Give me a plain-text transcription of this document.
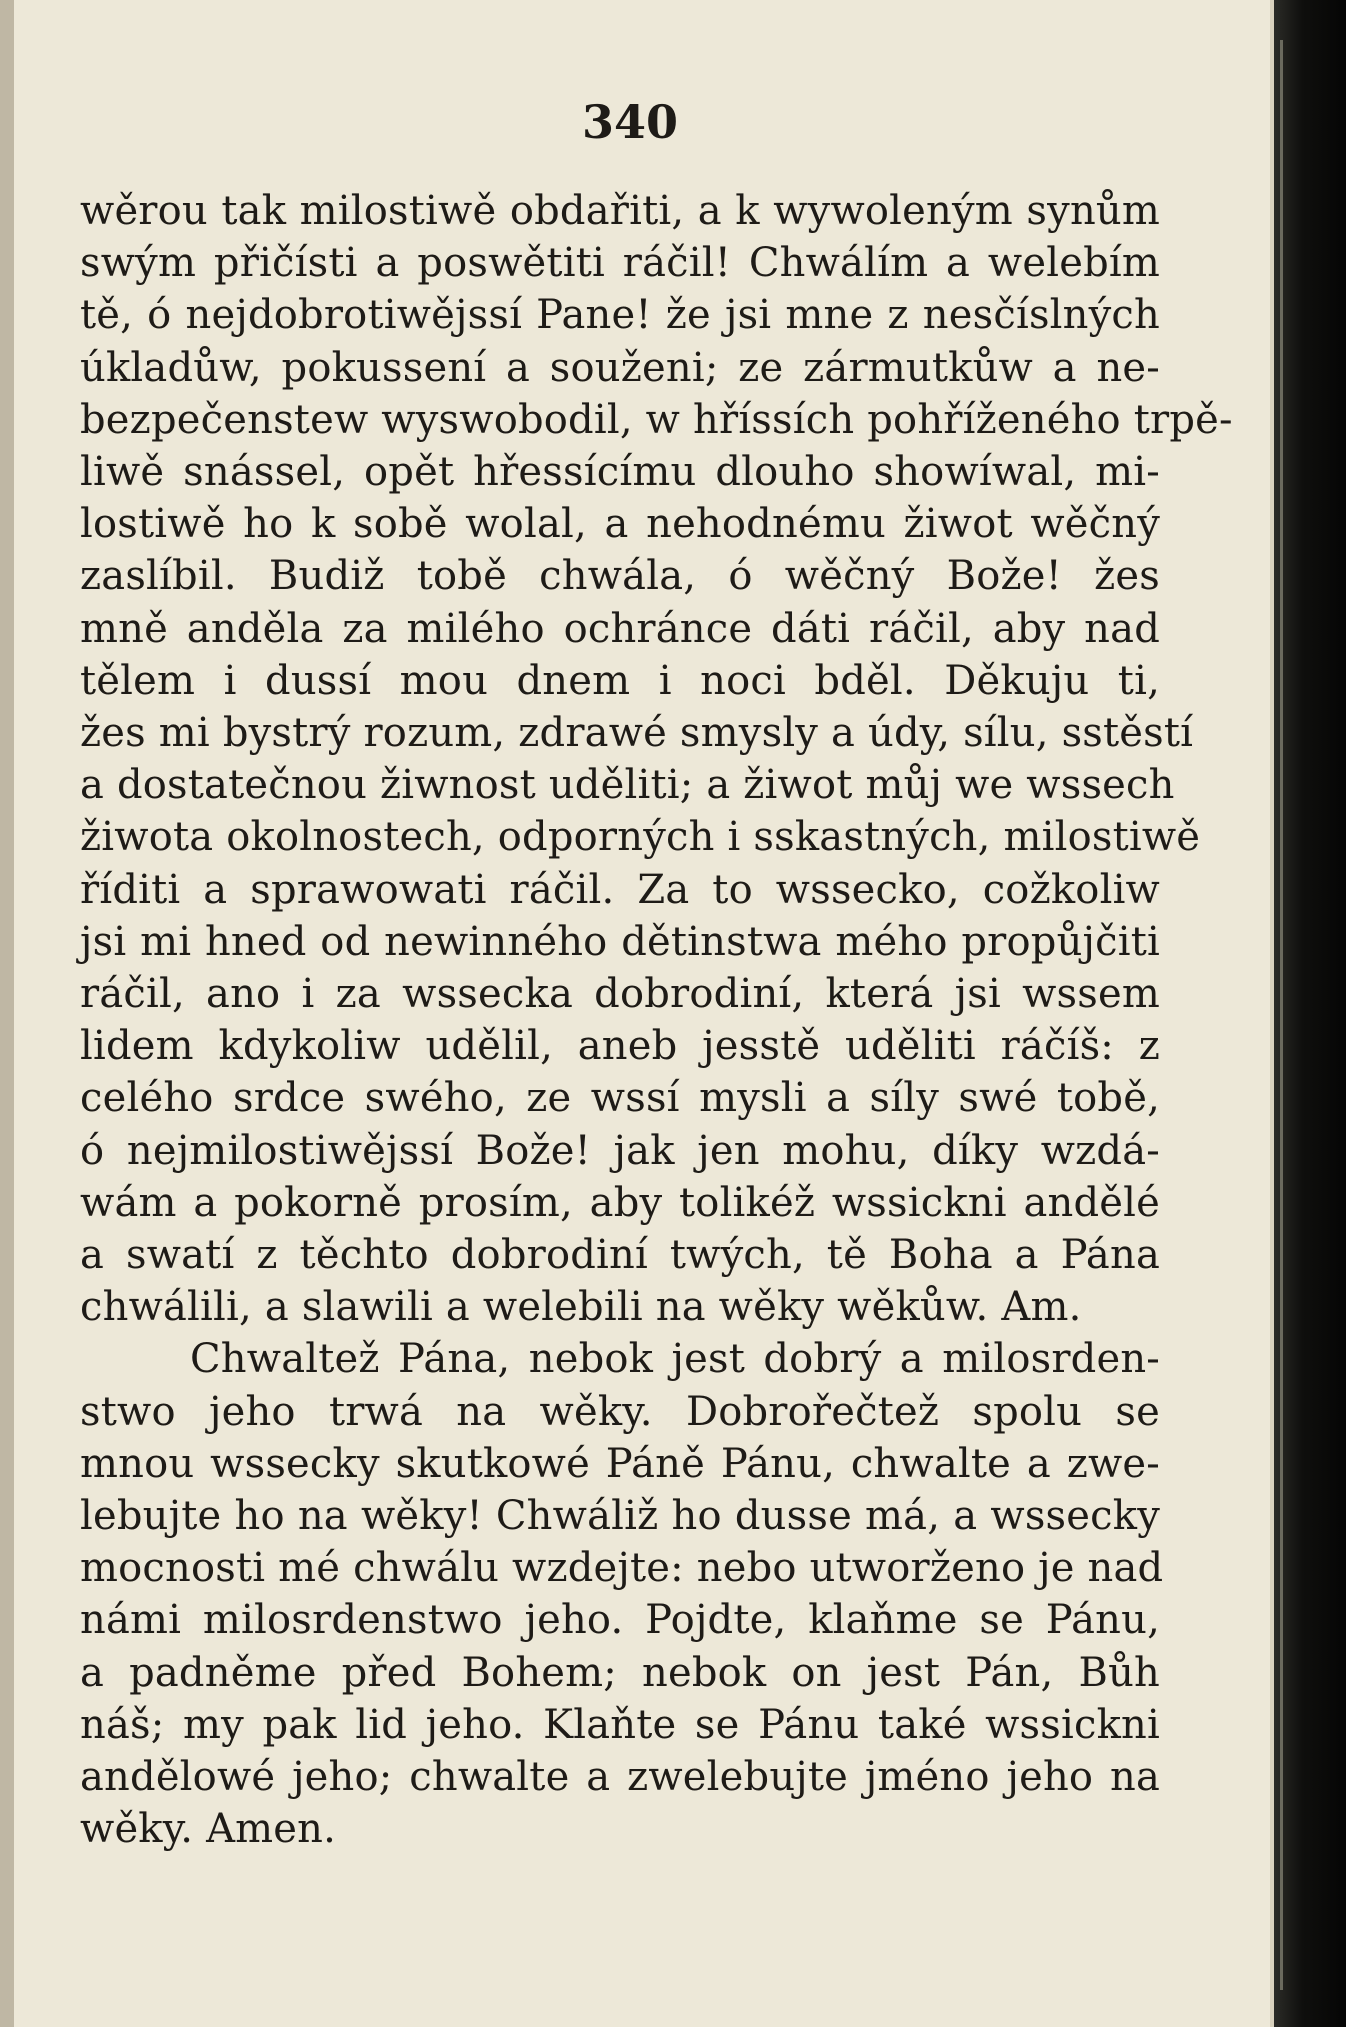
340
wěrou tak milostiwě obdařiti, a k wywoleným synům
swým přičísti a poswětiti ráčil! Chwálím a welebím
tě, ó nejdobrotiwějssí Pane! že jsi mne z nesčíslných
úkladůw, pokussení a souženi; ze zármutkůw a ne-
bezpečenstew wyswobodil, w hříssích pohříženého trpě-
liwě snássel, opět hřessícímu dlouho showíwal, mi-
lostiwě ho k sobě wolal, a nehodnému žiwot wěčný
zaslíbil. Budiž tobě chwála, ó wěčný Bože! žes
mně anděla za milého ochránce dáti ráčil, aby nad
tělem i dussí mou dnem i noci bděl. Děkuju ti,
žes mi bystrý rozum, zdrawé smysly a údy, sílu, sstěstí
a dostatečnou žiwnost uděliti; a žiwot můj we wssech
žiwota okolnostech, odporných i sskastných, milostiwě
říditi a sprawowati ráčil. Za to wssecko, cožkoliw
jsi mi hned od newinného dětinstwa mého propůjčiti
ráčil, ano i za wssecka dobrodiní, která jsi wssem
lidem kdykoliw udělil, aneb jesstě uděliti ráčíš: z
celého srdce swého, ze wssí mysli a síly swé tobě,
ó nejmilostiwějssí Bože! jak jen mohu, díky wzdá-
wám a pokorně prosím, aby tolikéž wssickni andělé
a swatí z těchto dobrodiní twých, tě Boha a Pána
chwálili, a slawili a welebili na wěky wěkůw. Am.
Chwaltež Pána, nebok jest dobrý a milosrden-
stwo jeho trwá na wěky. Dobrořečtež spolu se
mnou wssecky skutkowé Páně Pánu, chwalte a zwe-
lebujte ho na wěky! Chwáliž ho dusse má, a wssecky
mocnosti mé chwálu wzdejte: nebo utworženo je nad
námi milosrdenstwo jeho. Pojdte, klaňme se Pánu,
a padněme před Bohem; nebok on jest Pán, Bůh
náš; my pak lid jeho. Klaňte se Pánu také wssickni
andělowé jeho; chwalte a zwelebujte jméno jeho na
wěky. Amen.
